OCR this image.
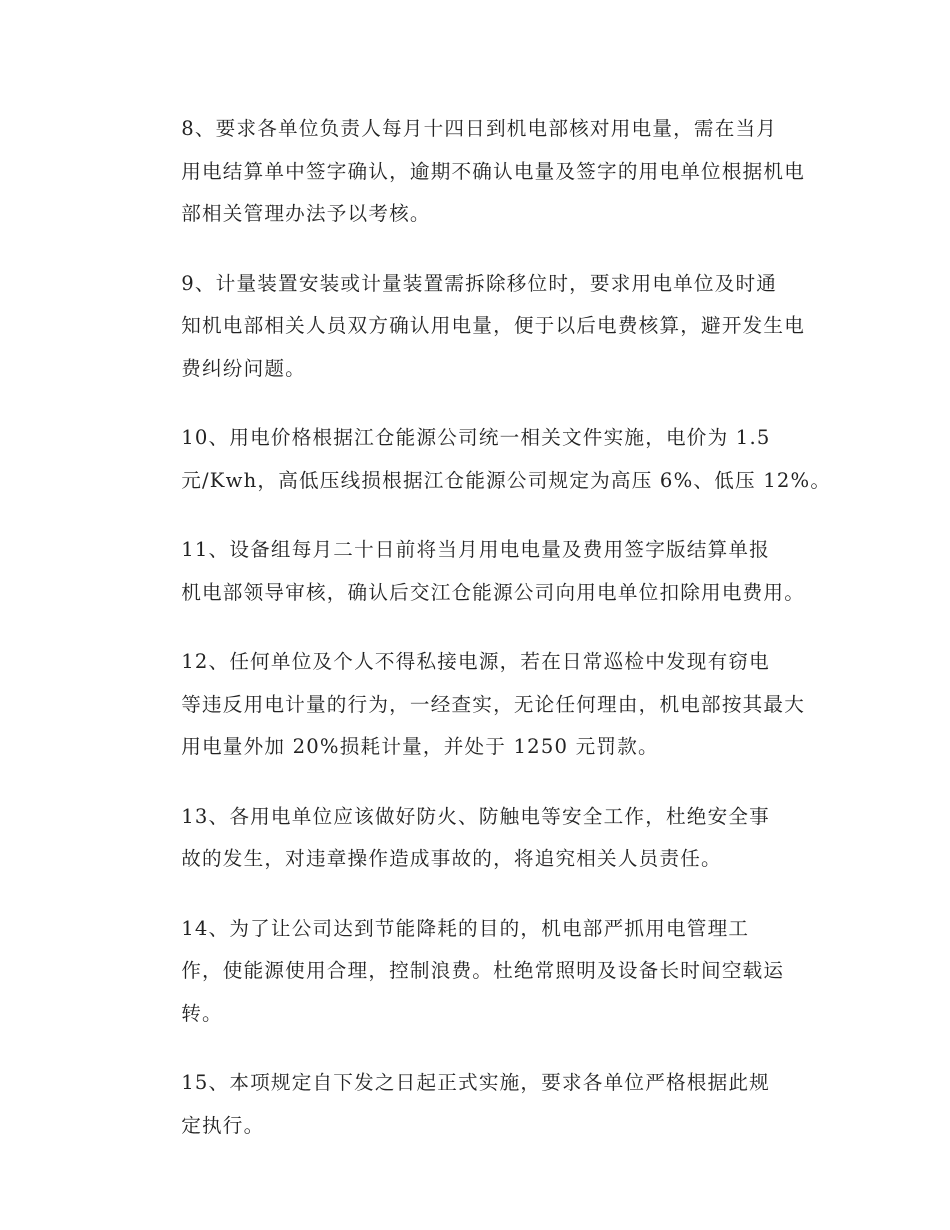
8、要求各单位负责人每月十四日到机电部核对用电量，需在当月
用电结算单中签字确认，逾期不确认电量及签字的用电单位根据机电
部相关管理办法予以考核。

9、计量装置安装或计量装置需拆除移位时，要求用电单位及时通
知机电部相关人员双方确认用电量，便于以后电费核算，避开发生电
费纠纷问题。

10、用电价格根据江仓能源公司统一相关文件实施，电价为 1.5
元/Kwh，高低压线损根据江仓能源公司规定为高压 6%、低压 12%。

11、设备组每月二十日前将当月用电电量及费用签字版结算单报
机电部领导审核，确认后交江仓能源公司向用电单位扣除用电费用。

12、任何单位及个人不得私接电源，若在日常巡检中发现有窃电
等违反用电计量的行为，一经查实，无论任何理由，机电部按其最大
用电量外加 20%损耗计量，并处于 1250 元罚款。

13、各用电单位应该做好防火、防触电等安全工作，杜绝安全事
故的发生，对违章操作造成事故的，将追究相关人员责任。

14、为了让公司达到节能降耗的目的，机电部严抓用电管理工
作，使能源使用合理，控制浪费。杜绝常照明及设备长时间空载运
转。

15、本项规定自下发之日起正式实施，要求各单位严格根据此规
定执行。
